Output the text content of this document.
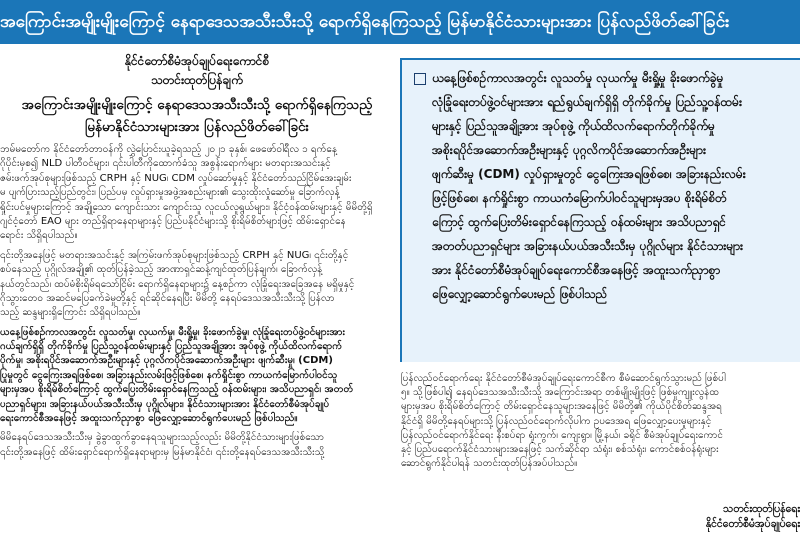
အကြောင်းအမျိုးမျိုးကြောင့် နေရာဒေသအသီးသီးသို့ ရောက်ရှိနေကြသည့် မြန်မာနိုင်ငံသားများအား ပြန်လည်ဖိတ်ခေါ်ခြင်း
နိုင်ငံတော်စီမံအုပ်ချုပ်ရေးကောင်စီ
သတင်းထုတ်ပြန်ချက်
အကြောင်းအမျိုးမျိုးကြောင့် နေရာဒေသအသီးသီးသို့ ရောက်ရှိနေကြသည့်
မြန်မာနိုင်ငံသားများအား ပြန်လည်ဖိတ်ခေါ်ခြင်း
ဘမ်မတော်က နိုင်ငံတော်တာဝန်ကို လွှဲပြောင်းယူခဲ့ရသည့် ၂၀၂၁ ခုနှစ်၊ ဖေဖော်ဝါရီလ ၁ ရက်နေ့
ဂိုပိုင်းမှစ၍ NLD ပါတီဝင်များ၊ ၎င်းပါတီကိုထောက်ခံသူ အစွန်းရောက်များ မတရားအသင်းနှင့်
ဇမ်းဖက်အုပ်စုများဖြစ်သည့် CRPH နှင့် NUG၊ CDM လှုပ်ဆော်မှုနှင့် နိုင်ငံတော်သည်ငြိမ်အေးချမ်း
မ ပျက်ပြားသည့်ပြည်တွင်း၊ ပြည်ပမှ လှုပ်ရှားမှုအဖွဲ့အစည်းများ၏ သွေးထိုးလှုံဆော်မှု ခြောက်လှန့်
ရှိုင်းပင်မှုများကြောင့် အချို့သော ကျောင်းသား ကျောင်းသူ လူငယ်လူရွယ်များ၊ နိုင်ငံ့ဝန်ထမ်းများနှင့် မိမိတို့ရှိ
ဂျင်ငံ့တော် EAO များ တည်ရှိရာနေရာများနှင့် ပြည်ပနိုင်ငံများသို့ စိုးရိမ်စိတ်များဖြင့် ထိမ်းရှောင်နေ
ရောင်း သိရှိရပါသည်။
၎င်းတို့အနေဖြင့် မတရားအသင်းနှင့် အကြမ်းဖက်အုပ်စုများဖြစ်သည့် CRPH နှင့် NUG၊ ၎င်းတို့နှင့်
စပ်နေသည့် ပုဂ္ဂိုလ်အချို့၏ ထုတ်ပြန်ခဲ့သည့် အာဏာရှင်ဆန့်ကျင်ထုတ်ပြန်ချက်၊ ခြောက်လှန့်
နယ်တွင်သည်၊ ထပ်မံစိုးရိမ်ရသော်ငြိမ်း ရောက်ရှိနေရာများ၌ နေ့စဉ်ကာ လုံခြုံရေးအခြေအနေ မရှိမှုနှင့်
ဂိုသွား၀ော၀ အဆင်မပြေခက်ခဲမှုတို့နှင့် ရင်ဆိုင်နေရပြီး မိမိတို့ နေရပ်ဒေသအသီးသီးသို့ ပြန်လာ
သည့် ဆန္ဒများရှိကြောင်း သိရှိရပါသည်။
ယနေ့ဖြစ်စဉ်ကာလအတွင်း လူသတ်မှု၊ လုယက်မှု၊ မီးရှို့မှု၊ ခိုးဖောက်ခွဲမှု၊ လုံခြုံရေးတပ်ဖွဲ့ဝင်များအား
ဂယ်ချက်ရှိရှိ တိုက်ခိုက်မှု ပြည်သူ့ဝန်ထမ်းများနှင့် ပြည်သူအချို့အား အုပ်စုဖွဲ့ ကိုယ်ထိလက်ရောက်
ပိုက်မှု၊ အစိုးရပိုင်အဆောက်အဦးများနှင့် ပုဂ္ဂလိကပိုင်အဆောက်အဦးများ ဖျက်ဆီးမှု၊ (CDM)
ပြုမှုတွင် ငွေကြေးအရဖြစ်စေ၊ အခြားနည်းလမ်းဖြင့်ဖြစ်စေ၊ နက်ရှိုင်းစွာ ကာယကံမြောက်ပါဝင်သူ
များမှအပ စိုးရိမ်စိတ်ကြောင့် ထွက်ပြေးတိမ်းရှောင်နေကြသည့် ဝန်ထမ်းများ၊ အသိပညာရှင်၊ အတတ်
ပညာရှင်များ၊ အခြားနယ်ပယ်အသီးသီးမှ ပုဂ္ဂိုလ်များ၊ နိုင်ငံသားများအား နိုင်ငံတော်စီမံအုပ်ချုပ်
ရေးကောင်စီအနေဖြင့် အထူးသက်ညှာစွာ ဖြေလျှော့ဆောင်ရွက်ပေးမည် ဖြစ်ပါသည်။
မိမိနေရပ်ဒေသအသီးသီးမှ ခွဲခွာထွက်ခွာနေရသူများသည့်လည်း မိမိတို့နိုင်ငံသားများဖြစ်သော
၎င်းတို့အနေဖြင့် ထိမ်းရှောင်ရောက်ရှိနေရာများမှ မြန်မာနိုင်ငံ၊ ၎င်းတို့နေရပ်ဒေသအသီးသီးသို့
ယနေ့ဖြစ်စဉ်ကာလအတွင်း လူသတ်မှု လုယက်မှု မီးရှို့မှု ခိုးဖောက်ခွဲမှု
လုံခြုံရေးတပ်ဖွဲ့ဝင်များအား ရည်ရွယ်ချက်ရှိရှိ တိုက်ခိုက်မှု ပြည်သူ့ဝန်ထမ်း
များနှင့် ပြည်သူအချို့အား အုပ်စုဖွဲ့ ကိုယ်ထိလက်ရောက်တိုက်ခိုက်မှု
အစိုးရပိုင်အဆောက်အဦးများနှင့် ပုဂ္ဂလိကပိုင်အဆောက်အဦးများ
ဖျက်ဆီးမှု (CDM) လှုပ်ရှားမှုတွင် ငွေကြေးအရဖြစ်စေ၊ အခြားနည်းလမ်း
ဖြင့်ဖြစ်စေ၊ နက်ရှိုင်းစွာ ကာယကံမြောက်ပါဝင်သူများမှအပ စိုးရိမ်စိတ်
ကြောင့် ထွက်ပြေးတိမ်းရှောင်နေကြသည့် ဝန်ထမ်းများ အသိပညာရှင်
အတတ်ပညာရှင်များ အခြားနယ်ပယ်အသီးသီးမှ ပုဂ္ဂိုလ်များ နိုင်ငံသားများ
အား နိုင်ငံတော်စီမံအုပ်ချုပ်ရေးကောင်စီအနေဖြင့် အထူးသက်ညှာစွာ
ဖြေလျှော့ဆောင်ရွက်ပေးမည် ဖြစ်ပါသည်
ပြန်လည်ဝင်ရောက်ရေး နိုင်ငံတော်စီမံအုပ်ချုပ်ရေးကောင်စီက စီမံဆောင်ရွက်သွားမည် ဖြစ်ပါ
၅။ သို့ဖြစ်ပါ၍ နေရပ်ဒေသအသီးသီးသို့ အကြောင်းအရာ တစ်မျိုးမျိုးဖြင့် ဖြစ်မှုကျူးလွန်ထ
များမှအပ စိုးရိမ်စိတ်ကြောင့် တိမ်းရှောင်နေသူများအနေဖြင့် မိမိတို့၏ ကိုယ်ပိုင်စိတ်ဆန္ဒအရ
နိုင်ငံရှိ မိမိတို့နေရပ်များသို့ ပြန်လည်ဝင်ရောက်လိုပါက ဥပဒေအရ ဖြေလျှော့ပေးမှုများနှင့်
ပြန်လည်ဝင်ရောက်နိုင်ရေး နီးစပ်ရာ ရုံးကွက်၊ ကျေးရွာ၊ မြို့နယ်၊ ခရိုင် စီမံအုပ်ချုပ်ရေးကောင်
နှင့် ပြည်ပရောက်နိုင်ငံသားများအနေဖြင့် သက်ဆိုင်ရာ သံရုံး၊ စစ်သံရုံး၊ ကောင်စစ်ဝန်ရုံးများ
ဆောင်ရွက်နိုင်ပါရန် သတင်းထုတ်ပြန်အပ်ပါသည်။
သတင်းထုတ်ပြန်ရေး
နိုင်ငံတော်စီမံအုပ်ချုပ်ရေး
